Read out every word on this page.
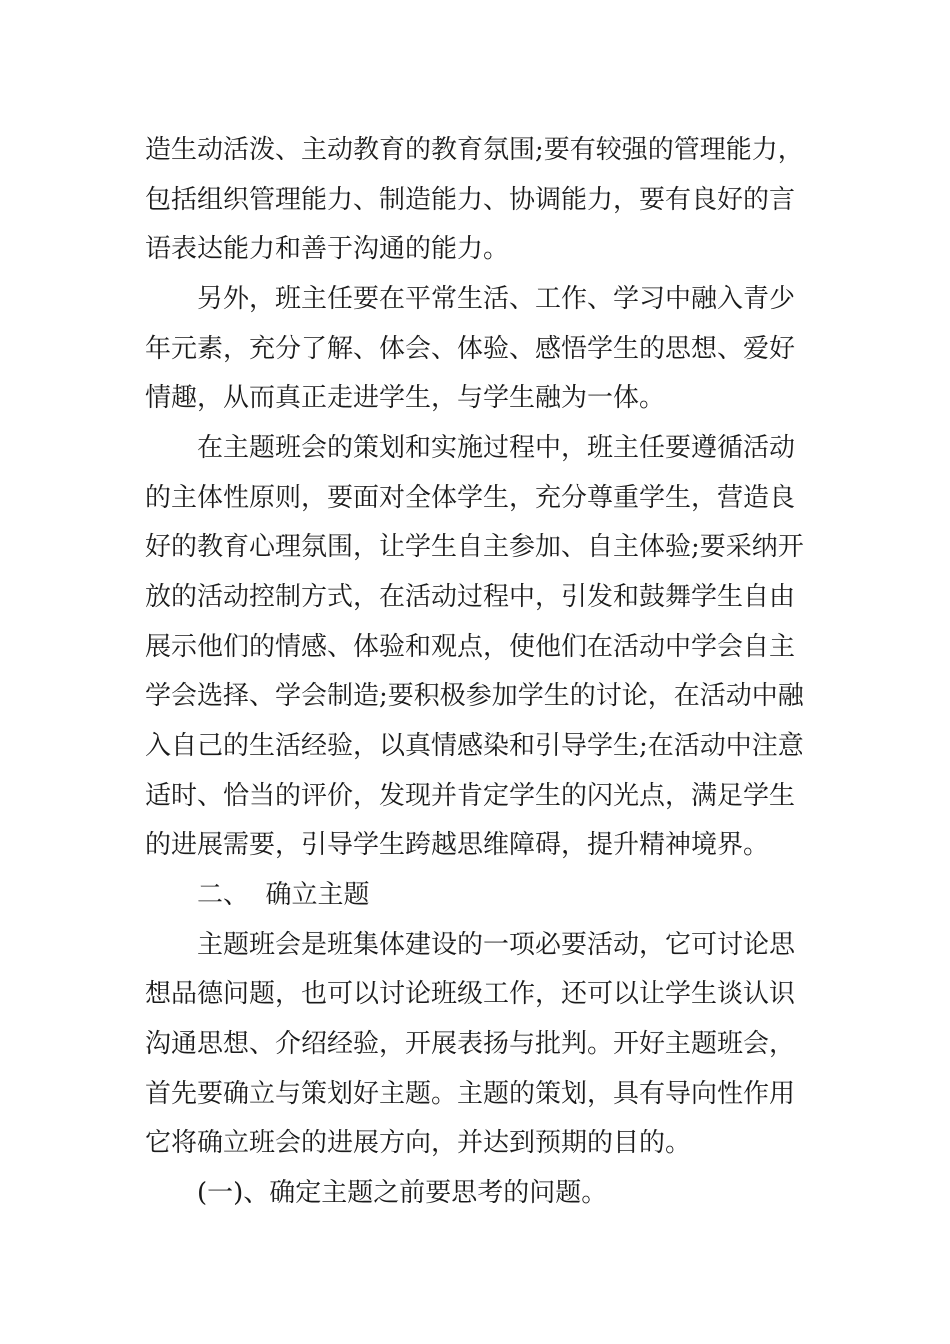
造生动活泼、主动教育的教育氛围;要有较强的管理能力，

包括组织管理能力、制造能力、协调能力，要有良好的言

语表达能力和善于沟通的能力。

另外，班主任要在平常生活、工作、学习中融入青少

年元素，充分了解、体会、体验、感悟学生的思想、爱好

情趣，从而真正走进学生，与学生融为一体。

在主题班会的策划和实施过程中，班主任要遵循活动

的主体性原则，要面对全体学生，充分尊重学生，营造良

好的教育心理氛围，让学生自主参加、自主体验;要采纳开

放的活动控制方式，在活动过程中，引发和鼓舞学生自由

展示他们的情感、体验和观点，使他们在活动中学会自主

学会选择、学会制造;要积极参加学生的讨论，在活动中融

入自己的生活经验，以真情感染和引导学生;在活动中注意

适时、恰当的评价，发现并肯定学生的闪光点，满足学生

的进展需要，引导学生跨越思维障碍，提升精神境界。

二、  确立主题

主题班会是班集体建设的一项必要活动，它可讨论思

想品德问题，也可以讨论班级工作，还可以让学生谈认识

沟通思想、介绍经验，开展表扬与批判。开好主题班会，

首先要确立与策划好主题。主题的策划，具有导向性作用

它将确立班会的进展方向，并达到预期的目的。

(一)、确定主题之前要思考的问题。
